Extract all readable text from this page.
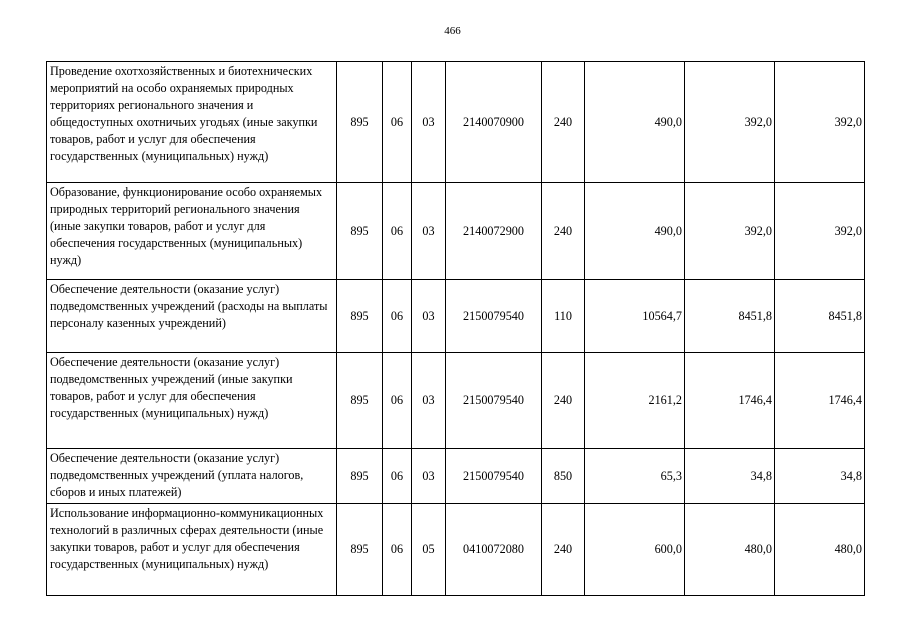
466
Проведение охотхозяйственных и биотехнических мероприятий на особо охраняемых природных территориях регионального значения и общедоступных охотничьих угодьях (иные закупки товаров, работ и услуг для обеспечения государственных (муниципальных) нужд)	895	06	03	2140070900	240	490,0	392,0	392,0
Образование, функционирование особо охраняемых природных территорий регионального значения (иные закупки товаров, работ и услуг для обеспечения государственных (муниципальных) нужд)	895	06	03	2140072900	240	490,0	392,0	392,0
Обеспечение деятельности (оказание услуг) подведомственных учреждений (расходы на выплаты персоналу казенных учреждений)	895	06	03	2150079540	110	10564,7	8451,8	8451,8
Обеспечение деятельности (оказание услуг) подведомственных учреждений (иные закупки товаров, работ и услуг для обеспечения государственных (муниципальных) нужд)	895	06	03	2150079540	240	2161,2	1746,4	1746,4
Обеспечение деятельности (оказание услуг) подведомственных учреждений (уплата налогов, сборов и иных платежей)	895	06	03	2150079540	850	65,3	34,8	34,8
Использование информационно-коммуникационных технологий в различных сферах деятельности (иные закупки товаров, работ и услуг для обеспечения государственных (муниципальных) нужд)	895	06	05	0410072080	240	600,0	480,0	480,0
